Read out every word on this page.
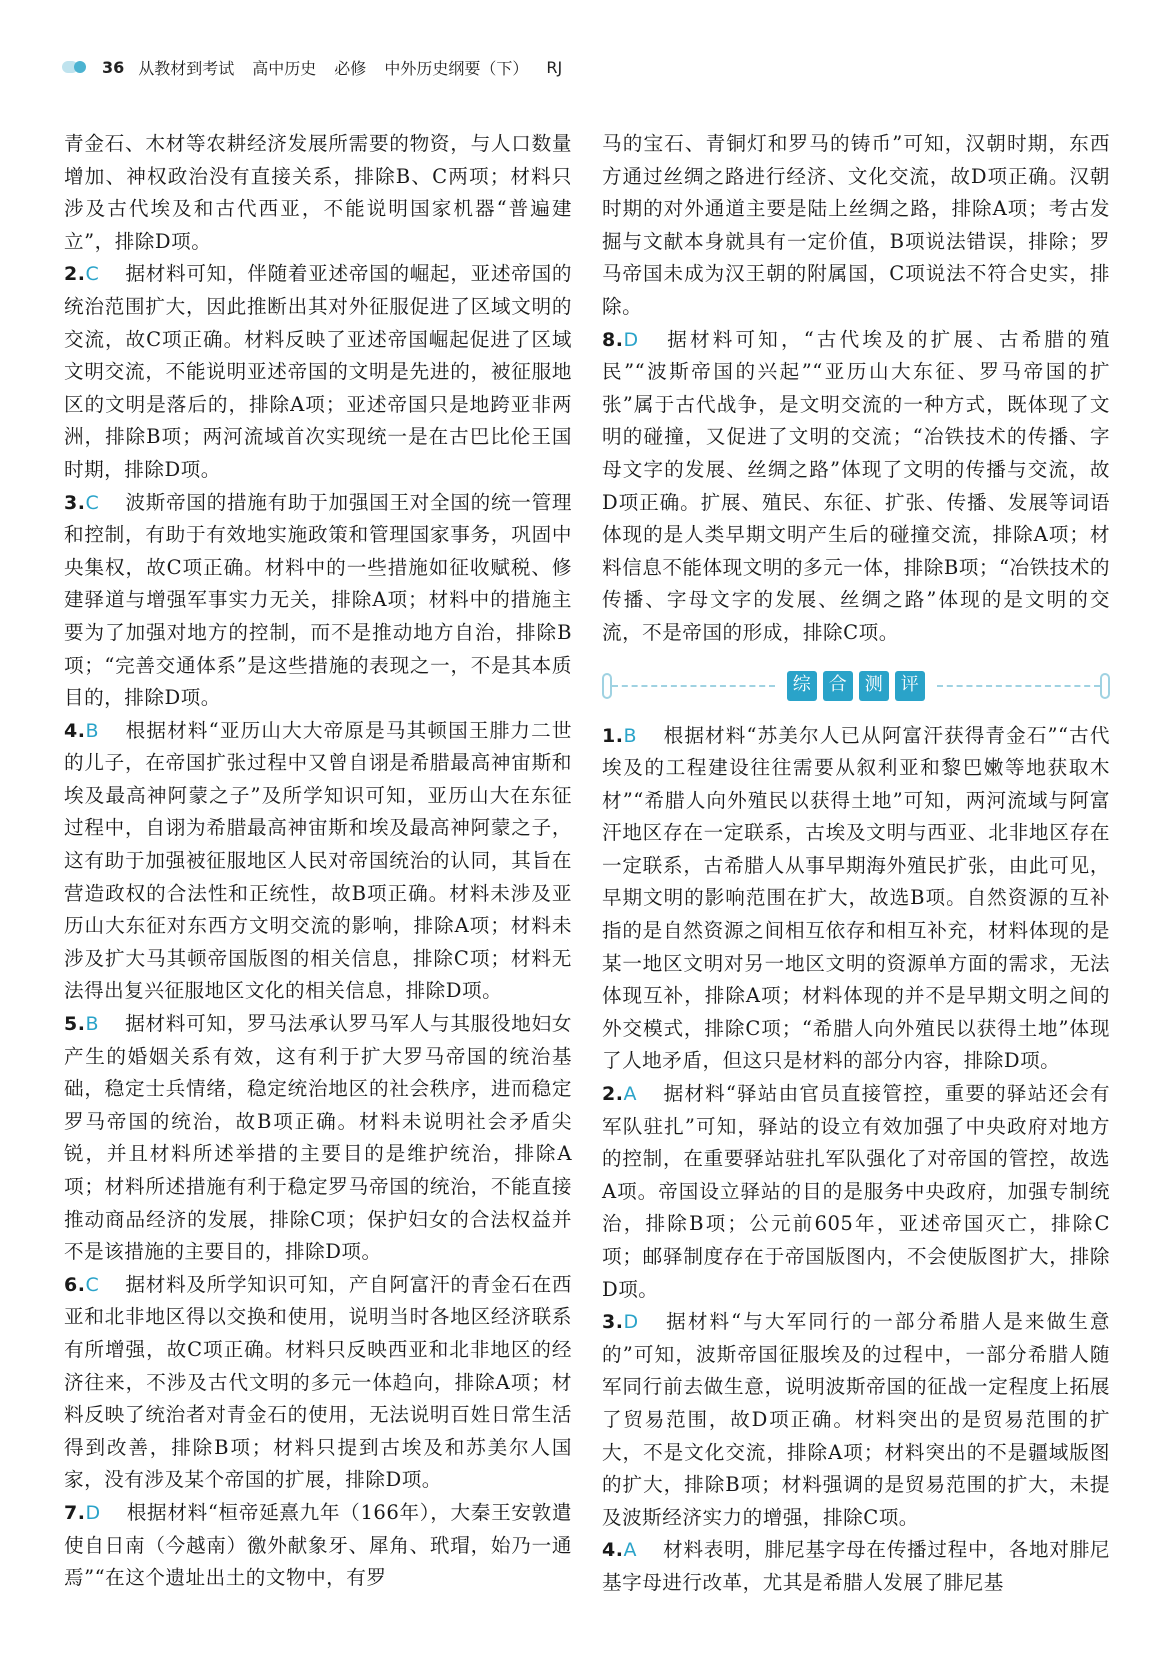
36 从教材到考试 高中历史 必修 中外历史纲要（下） RJ

青金石、木材等农耕经济发展所需要的物资，与人口数量增加、神权政治没有直接关系，排除B、C两项；材料只涉及古代埃及和古代西亚，不能说明国家机器“普遍建立”，排除D项。

2.C 据材料可知，伴随着亚述帝国的崛起，亚述帝国的统治范围扩大，因此推断出其对外征服促进了区域文明的交流，故C项正确。材料反映了亚述帝国崛起促进了区域文明交流，不能说明亚述帝国的文明是先进的，被征服地区的文明是落后的，排除A项；亚述帝国只是地跨亚非两洲，排除B项；两河流域首次实现统一是在古巴比伦王国时期，排除D项。

3.C 波斯帝国的措施有助于加强国王对全国的统一管理和控制，有助于有效地实施政策和管理国家事务，巩固中央集权，故C项正确。材料中的一些措施如征收赋税、修建驿道与增强军事实力无关，排除A项；材料中的措施主要为了加强对地方的控制，而不是推动地方自治，排除B项；“完善交通体系”是这些措施的表现之一，不是其本质目的，排除D项。

4.B 根据材料“亚历山大大帝原是马其顿国王腓力二世的儿子，在帝国扩张过程中又曾自诩是希腊最高神宙斯和埃及最高神阿蒙之子”及所学知识可知，亚历山大在东征过程中，自诩为希腊最高神宙斯和埃及最高神阿蒙之子，这有助于加强被征服地区人民对帝国统治的认同，其旨在营造政权的合法性和正统性，故B项正确。材料未涉及亚历山大东征对东西方文明交流的影响，排除A项；材料未涉及扩大马其顿帝国版图的相关信息，排除C项；材料无法得出复兴征服地区文化的相关信息，排除D项。

5.B 据材料可知，罗马法承认罗马军人与其服役地妇女产生的婚姻关系有效，这有利于扩大罗马帝国的统治基础，稳定士兵情绪，稳定统治地区的社会秩序，进而稳定罗马帝国的统治，故B项正确。材料未说明社会矛盾尖锐，并且材料所述举措的主要目的是维护统治，排除A项；材料所述措施有利于稳定罗马帝国的统治，不能直接推动商品经济的发展，排除C项；保护妇女的合法权益并不是该措施的主要目的，排除D项。

6.C 据材料及所学知识可知，产自阿富汗的青金石在西亚和北非地区得以交换和使用，说明当时各地区经济联系有所增强，故C项正确。材料只反映西亚和北非地区的经济往来，不涉及古代文明的多元一体趋向，排除A项；材料反映了统治者对青金石的使用，无法说明百姓日常生活得到改善，排除B项；材料只提到古埃及和苏美尔人国家，没有涉及某个帝国的扩展，排除D项。

7.D 根据材料“桓帝延熹九年（166年），大秦王安敦遣使自日南（今越南）徼外献象牙、犀角、玳瑁，始乃一通焉”“在这个遗址出土的文物中，有罗

马的宝石、青铜灯和罗马的铸币”可知，汉朝时期，东西方通过丝绸之路进行经济、文化交流，故D项正确。汉朝时期的对外通道主要是陆上丝绸之路，排除A项；考古发掘与文献本身就具有一定价值，B项说法错误，排除；罗马帝国未成为汉王朝的附属国，C项说法不符合史实，排除。

8.D 据材料可知，“古代埃及的扩展、古希腊的殖民”“波斯帝国的兴起”“亚历山大东征、罗马帝国的扩张”属于古代战争，是文明交流的一种方式，既体现了文明的碰撞，又促进了文明的交流；“冶铁技术的传播、字母文字的发展、丝绸之路”体现了文明的传播与交流，故D项正确。扩展、殖民、东征、扩张、传播、发展等词语体现的是人类早期文明产生后的碰撞交流，排除A项；材料信息不能体现文明的多元一体，排除B项；“冶铁技术的传播、字母文字的发展、丝绸之路”体现的是文明的交流，不是帝国的形成，排除C项。

综 合 测 评

1.B 根据材料“苏美尔人已从阿富汗获得青金石”“古代埃及的工程建设往往需要从叙利亚和黎巴嫩等地获取木材”“希腊人向外殖民以获得土地”可知，两河流域与阿富汗地区存在一定联系，古埃及文明与西亚、北非地区存在一定联系，古希腊人从事早期海外殖民扩张，由此可见，早期文明的影响范围在扩大，故选B项。自然资源的互补指的是自然资源之间相互依存和相互补充，材料体现的是某一地区文明对另一地区文明的资源单方面的需求，无法体现互补，排除A项；材料体现的并不是早期文明之间的外交模式，排除C项；“希腊人向外殖民以获得土地”体现了人地矛盾，但这只是材料的部分内容，排除D项。

2.A 据材料“驿站由官员直接管控，重要的驿站还会有军队驻扎”可知，驿站的设立有效加强了中央政府对地方的控制，在重要驿站驻扎军队强化了对帝国的管控，故选A项。帝国设立驿站的目的是服务中央政府，加强专制统治，排除B项；公元前605年，亚述帝国灭亡，排除C项；邮驿制度存在于帝国版图内，不会使版图扩大，排除D项。

3.D 据材料“与大军同行的一部分希腊人是来做生意的”可知，波斯帝国征服埃及的过程中，一部分希腊人随军同行前去做生意，说明波斯帝国的征战一定程度上拓展了贸易范围，故D项正确。材料突出的是贸易范围的扩大，不是文化交流，排除A项；材料突出的不是疆域版图的扩大，排除B项；材料强调的是贸易范围的扩大，未提及波斯经济实力的增强，排除C项。

4.A 材料表明，腓尼基字母在传播过程中，各地对腓尼基字母进行改革，尤其是希腊人发展了腓尼基
